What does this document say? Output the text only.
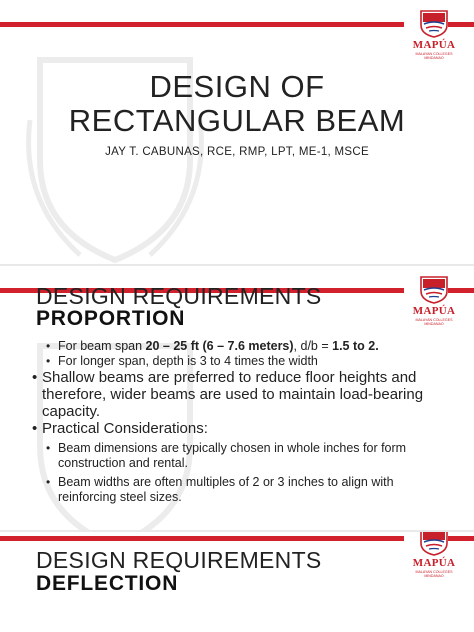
MAPÚA
MALAYAN COLLEGES MINDANAO
DESIGN OF
RECTANGULAR BEAM
JAY T. CABUNAS, RCE, RMP, LPT, ME-1, MSCE
MAPÚA
MALAYAN COLLEGES MINDANAO
DESIGN REQUIREMENTS
PROPORTION
• For beam span 20 – 25 ft (6 – 7.6 meters), d/b = 1.5 to 2.
• For longer span, depth is 3 to 4 times the width
• Shallow beams are preferred to reduce floor heights and therefore, wider beams are used to maintain load-bearing capacity.
• Practical Considerations:
• Beam dimensions are typically chosen in whole inches for form construction and rental.
• Beam widths are often multiples of 2 or 3 inches to align with reinforcing steel sizes.
MAPÚA
MALAYAN COLLEGES MINDANAO
DESIGN REQUIREMENTS
DEFLECTION
